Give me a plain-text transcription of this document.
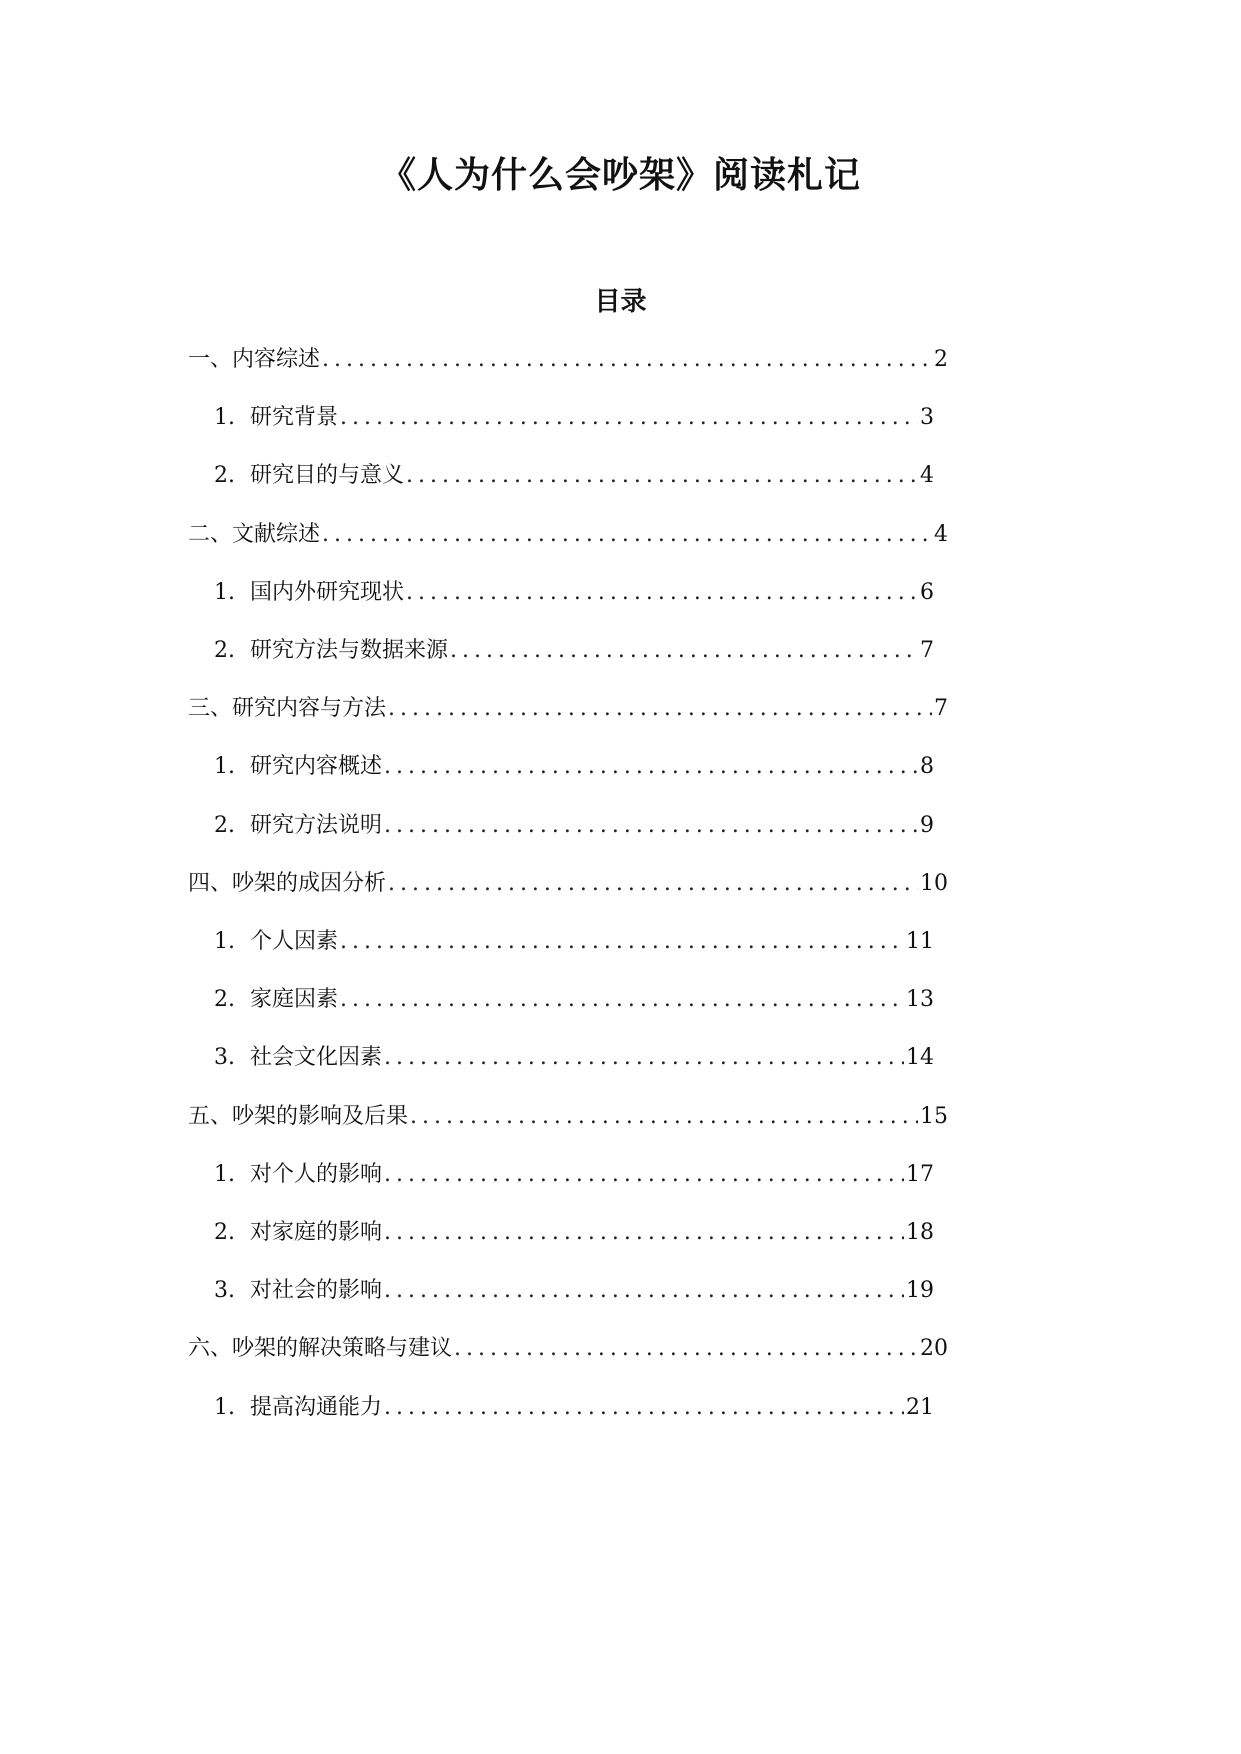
《人为什么会吵架》阅读札记
目录
一、内容综述 .....	2
1. 研究背景 .....	3
2. 研究目的与意义 .....	4
二、文献综述 .....	4
1. 国内外研究现状 .....	6
2. 研究方法与数据来源 .....	7
三、研究内容与方法 .....	7
1. 研究内容概述 .....	8
2. 研究方法说明 .....	9
四、吵架的成因分析 .....	10
1. 个人因素 .....	11
2. 家庭因素 .....	13
3. 社会文化因素 .....	14
五、吵架的影响及后果 .....	15
1. 对个人的影响 .....	17
2. 对家庭的影响 .....	18
3. 对社会的影响 .....	19
六、吵架的解决策略与建议 .....	20
1. 提高沟通能力 .....	21
